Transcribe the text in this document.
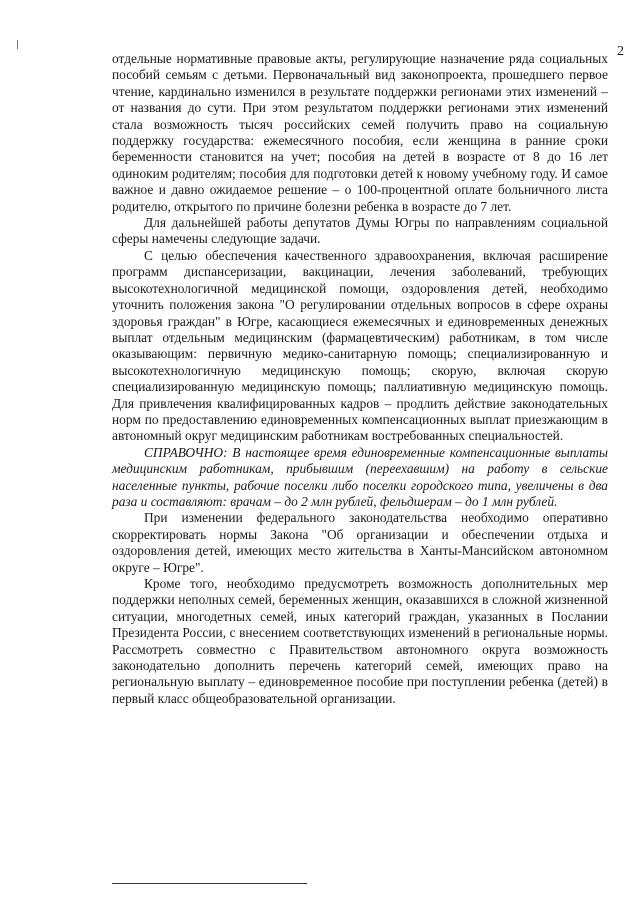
2

отдельные нормативные правовые акты, регулирующие назначение ряда социальных пособий семьям с детьми. Первоначальный вид законопроекта, прошедшего первое чтение, кардинально изменился в результате поддержки регионами этих изменений – от названия до сути. При этом результатом поддержки регионами этих изменений стала возможность тысяч российских семей получить право на социальную поддержку государства: ежемесячного пособия, если женщина в ранние сроки беременности становится на учет; пособия на детей в возрасте от 8 до 16 лет одиноким родителям; пособия для подготовки детей к новому учебному году. И самое важное и давно ожидаемое решение – о 100-процентной оплате больничного листа родителю, открытого по причине болезни ребенка в возрасте до 7 лет.

Для дальнейшей работы депутатов Думы Югры по направлениям социальной сферы намечены следующие задачи.

С целью обеспечения качественного здравоохранения, включая расширение программ диспансеризации, вакцинации, лечения заболеваний, требующих высокотехнологичной медицинской помощи, оздоровления детей, необходимо уточнить положения закона "О регулировании отдельных вопросов в сфере охраны здоровья граждан" в Югре, касающиеся ежемесячных и единовременных денежных выплат отдельным медицинским (фармацевтическим) работникам, в том числе оказывающим: первичную медико-санитарную помощь; специализированную и высокотехнологичную медицинскую помощь; скорую, включая скорую специализированную медицинскую помощь; паллиативную медицинскую помощь. Для привлечения квалифицированных кадров – продлить действие законодательных норм по предоставлению единовременных компенсационных выплат приезжающим в автономный округ медицинским работникам востребованных специальностей.

СПРАВОЧНО: В настоящее время единовременные компенсационные выплаты медицинским работникам, прибывшим (переехавшим) на работу в сельские населенные пункты, рабочие поселки либо поселки городского типа, увеличены в два раза и составляют: врачам – до 2 млн рублей, фельдшерам – до 1 млн рублей.

При изменении федерального законодательства необходимо оперативно скорректировать нормы Закона "Об организации и обеспечении отдыха и оздоровления детей, имеющих место жительства в Ханты-Мансийском автономном округе – Югре".

Кроме того, необходимо предусмотреть возможность дополнительных мер поддержки неполных семей, беременных женщин, оказавшихся в сложной жизненной ситуации, многодетных семей, иных категорий граждан, указанных в Послании Президента России, с внесением соответствующих изменений в региональные нормы. Рассмотреть совместно с Правительством автономного округа возможность законодательно дополнить перечень категорий семей, имеющих право на региональную выплату – единовременное пособие при поступлении ребенка (детей) в первый класс общеобразовательной организации.
